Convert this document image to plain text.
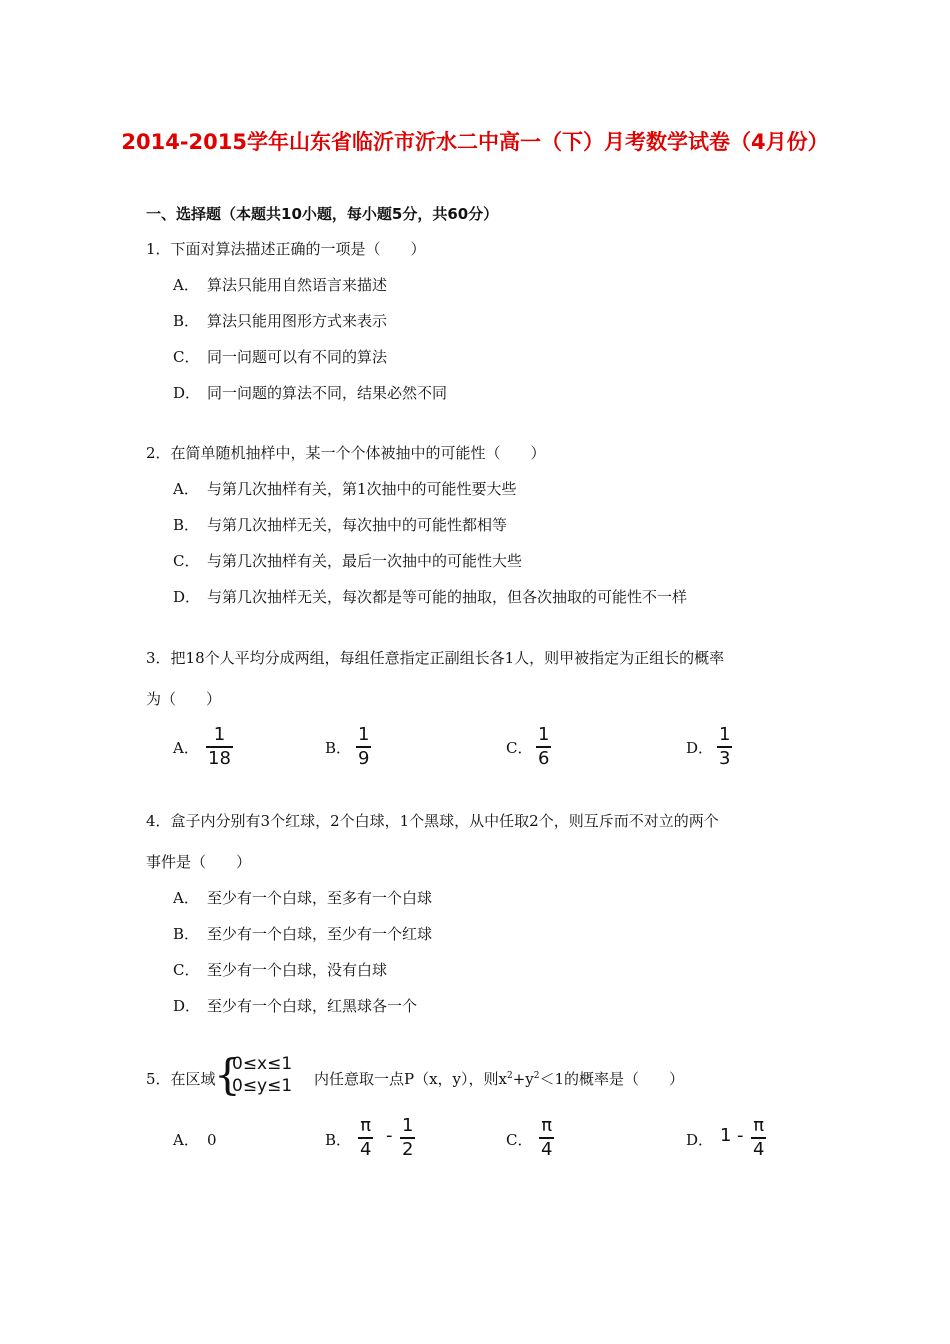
2014-2015学年山东省临沂市沂水二中高一（下）月考数学试卷（4月份）
一、选择题（本题共10小题，每小题5分，共60分）
1．下面对算法描述正确的一项是（　　）
A． 算法只能用自然语言来描述
B． 算法只能用图形方式来表示
C． 同一问题可以有不同的算法
D． 同一问题的算法不同，结果必然不同
2．在简单随机抽样中，某一个个体被抽中的可能性（　　）
A． 与第几次抽样有关，第1次抽中的可能性要大些
B． 与第几次抽样无关，每次抽中的可能性都相等
C． 与第几次抽样有关，最后一次抽中的可能性大些
D． 与第几次抽样无关，每次都是等可能的抽取，但各次抽取的可能性不一样
3．把18个人平均分成两组，每组任意指定正副组长各1人，则甲被指定为正组长的概率
为（　　）
A．
1
18	B．
1
9	C．
1
6	D．
1
3
4．盒子内分别有3个红球，2个白球，1个黑球，从中任取2个，则互斥而不对立的两个
事件是（　　）
A． 至少有一个白球，至多有一个白球
B． 至少有一个白球，至少有一个红球
C． 至少有一个白球，没有白球
D． 至少有一个白球，红黑球各一个
5．在区域
{
0≤x≤1
0≤y≤1 内任意取一点P（x，y），则$x^2+y^2<1$的概率是（　　）
A． 0	B．
π
4
- 1
2	C．
π
4	D． 1 - π
4
